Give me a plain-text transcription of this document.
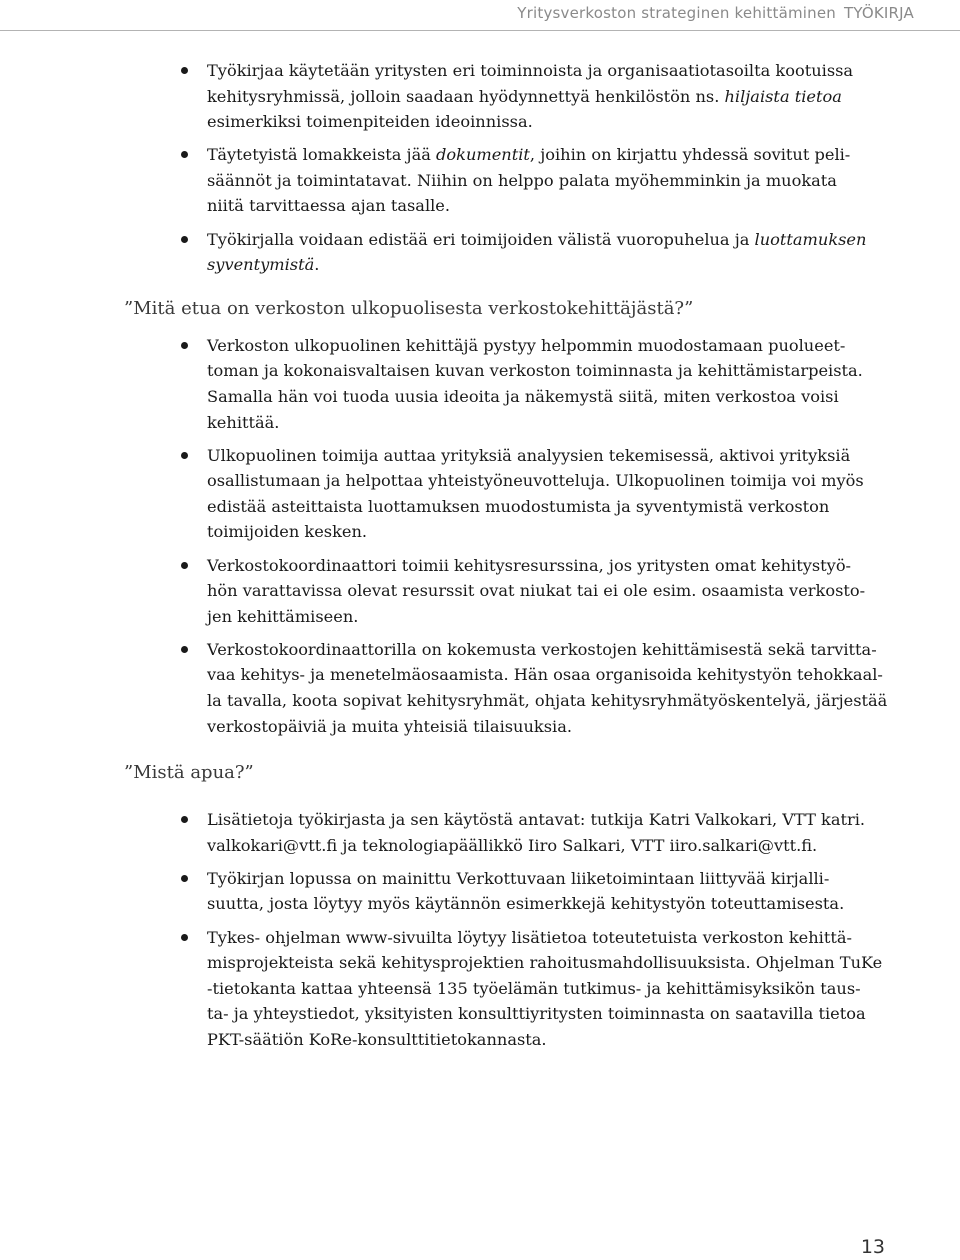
Yritysverkoston strateginen kehittäminen TYÖKIRJA
Työkirjaa käytetään yritysten eri toiminnoista ja organisaatiotasoilta kootuissa
kehitysryhmissä, jolloin saadaan hyödynnettyä henkilöstön ns. hiljaista tietoa
esimerkiksi toimenpiteiden ideoinnissa.
Täytetyistä lomakkeista jää dokumentit, joihin on kirjattu yhdessä sovitut peli-
säännöt ja toimintatavat. Niihin on helppo palata myöhemminkin ja muokata
niitä tarvittaessa ajan tasalle.
Työkirjalla voidaan edistää eri toimijoiden välistä vuoropuhelua ja luottamuksen
syventymistä.
”Mitä etua on verkoston ulkopuolisesta verkostokehittäjästä?”
Verkoston ulkopuolinen kehittäjä pystyy helpommin muodostamaan puolueet-
toman ja kokonaisvaltaisen kuvan verkoston toiminnasta ja kehittämistarpeista.
Samalla hän voi tuoda uusia ideoita ja näkemystä siitä, miten verkostoa voisi
kehittää.
Ulkopuolinen toimija auttaa yrityksiä analyysien tekemisessä, aktivoi yrityksiä
osallistumaan ja helpottaa yhteistyöneuvotteluja. Ulkopuolinen toimija voi myös
edistää asteittaista luottamuksen muodostumista ja syventymistä verkoston
toimijoiden kesken.
Verkostokoordinaattori toimii kehitysresurssina, jos yritysten omat kehitystyö-
hön varattavissa olevat resurssit ovat niukat tai ei ole esim. osaamista verkosto-
jen kehittämiseen.
Verkostokoordinaattorilla on kokemusta verkostojen kehittämisestä sekä tarvitta-
vaa kehitys- ja menetelmäosaamista. Hän osaa organisoida kehitystyön tehokkaal-
la tavalla, koota sopivat kehitysryhmät, ohjata kehitysryhmätyöskentelyä, järjestää
verkostopäiviä ja muita yhteisiä tilaisuuksia.
”Mistä apua?”
Lisätietoja työkirjasta ja sen käytöstä antavat: tutkija Katri Valkokari, VTT katri.
valkokari@vtt.fi ja teknologiapäällikkö Iiro Salkari, VTT iiro.salkari@vtt.fi.
Työkirjan lopussa on mainittu Verkottuvaan liiketoimintaan liittyvää kirjalli-
suutta, josta löytyy myös käytännön esimerkkejä kehitystyön toteuttamisesta.
Tykes- ohjelman www-sivuilta löytyy lisätietoa toteutetuista verkoston kehittä-
misprojekteista sekä kehitysprojektien rahoitusmahdollisuuksista. Ohjelman TuKe
-tietokanta kattaa yhteensä 135 työelämän tutkimus- ja kehittämisyksikön taus-
ta- ja yhteystiedot, yksityisten konsulttiyritysten toiminnasta on saatavilla tietoa
PKT-säätiön KoRe-konsulttitietokannasta.
13
